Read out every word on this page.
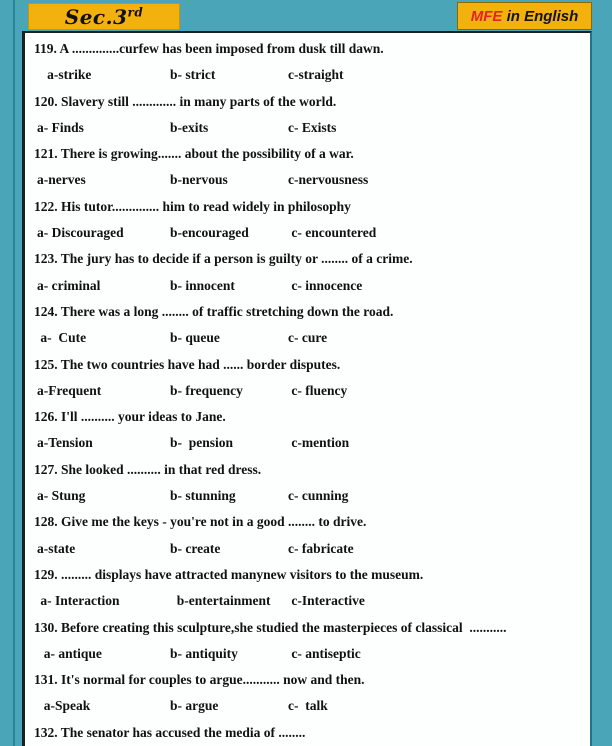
Sec.3rd	MFE in English
119. A ..............curfew has been imposed from dusk till dawn.
a-strike	b- strict	c-straight
120. Slavery still ............. in many parts of the world.
a- Finds	b-exits	c- Exists
121. There is growing....... about the possibility of a war.
a-nerves	b-nervous	c-nervousness
122. His tutor.............. him to read widely in philosophy
a- Discouraged	b-encouraged	c- encountered
123. The jury has to decide if a person is guilty or ........ of a crime.
a- criminal	b- innocent	c- innocence
124. There was a long ........ of traffic stretching down the road.
a-  Cute	b- queue	c- cure
125. The two countries have had ...... border disputes.
a-Frequent	b- frequency	c- fluency
126. I'll .......... your ideas to Jane.
a-Tension	b-  pension	c-mention
127. She looked .......... in that red dress.
a- Stung	b- stunning	c- cunning
128. Give me the keys - you're not in a good ........ to drive.
a-state	b- create	c- fabricate
129. ......... displays have attracted manynew visitors to the museum.
a- Interaction	b-entertainment c-Interactive
130. Before creating this sculpture,she studied the masterpieces of classical  ...........
a- antique	b- antiquity	c- antiseptic
131. It's normal for couples to argue........... now and then.
a-Speak	b- argue	c-  talk
132. The senator has accused the media of ........
